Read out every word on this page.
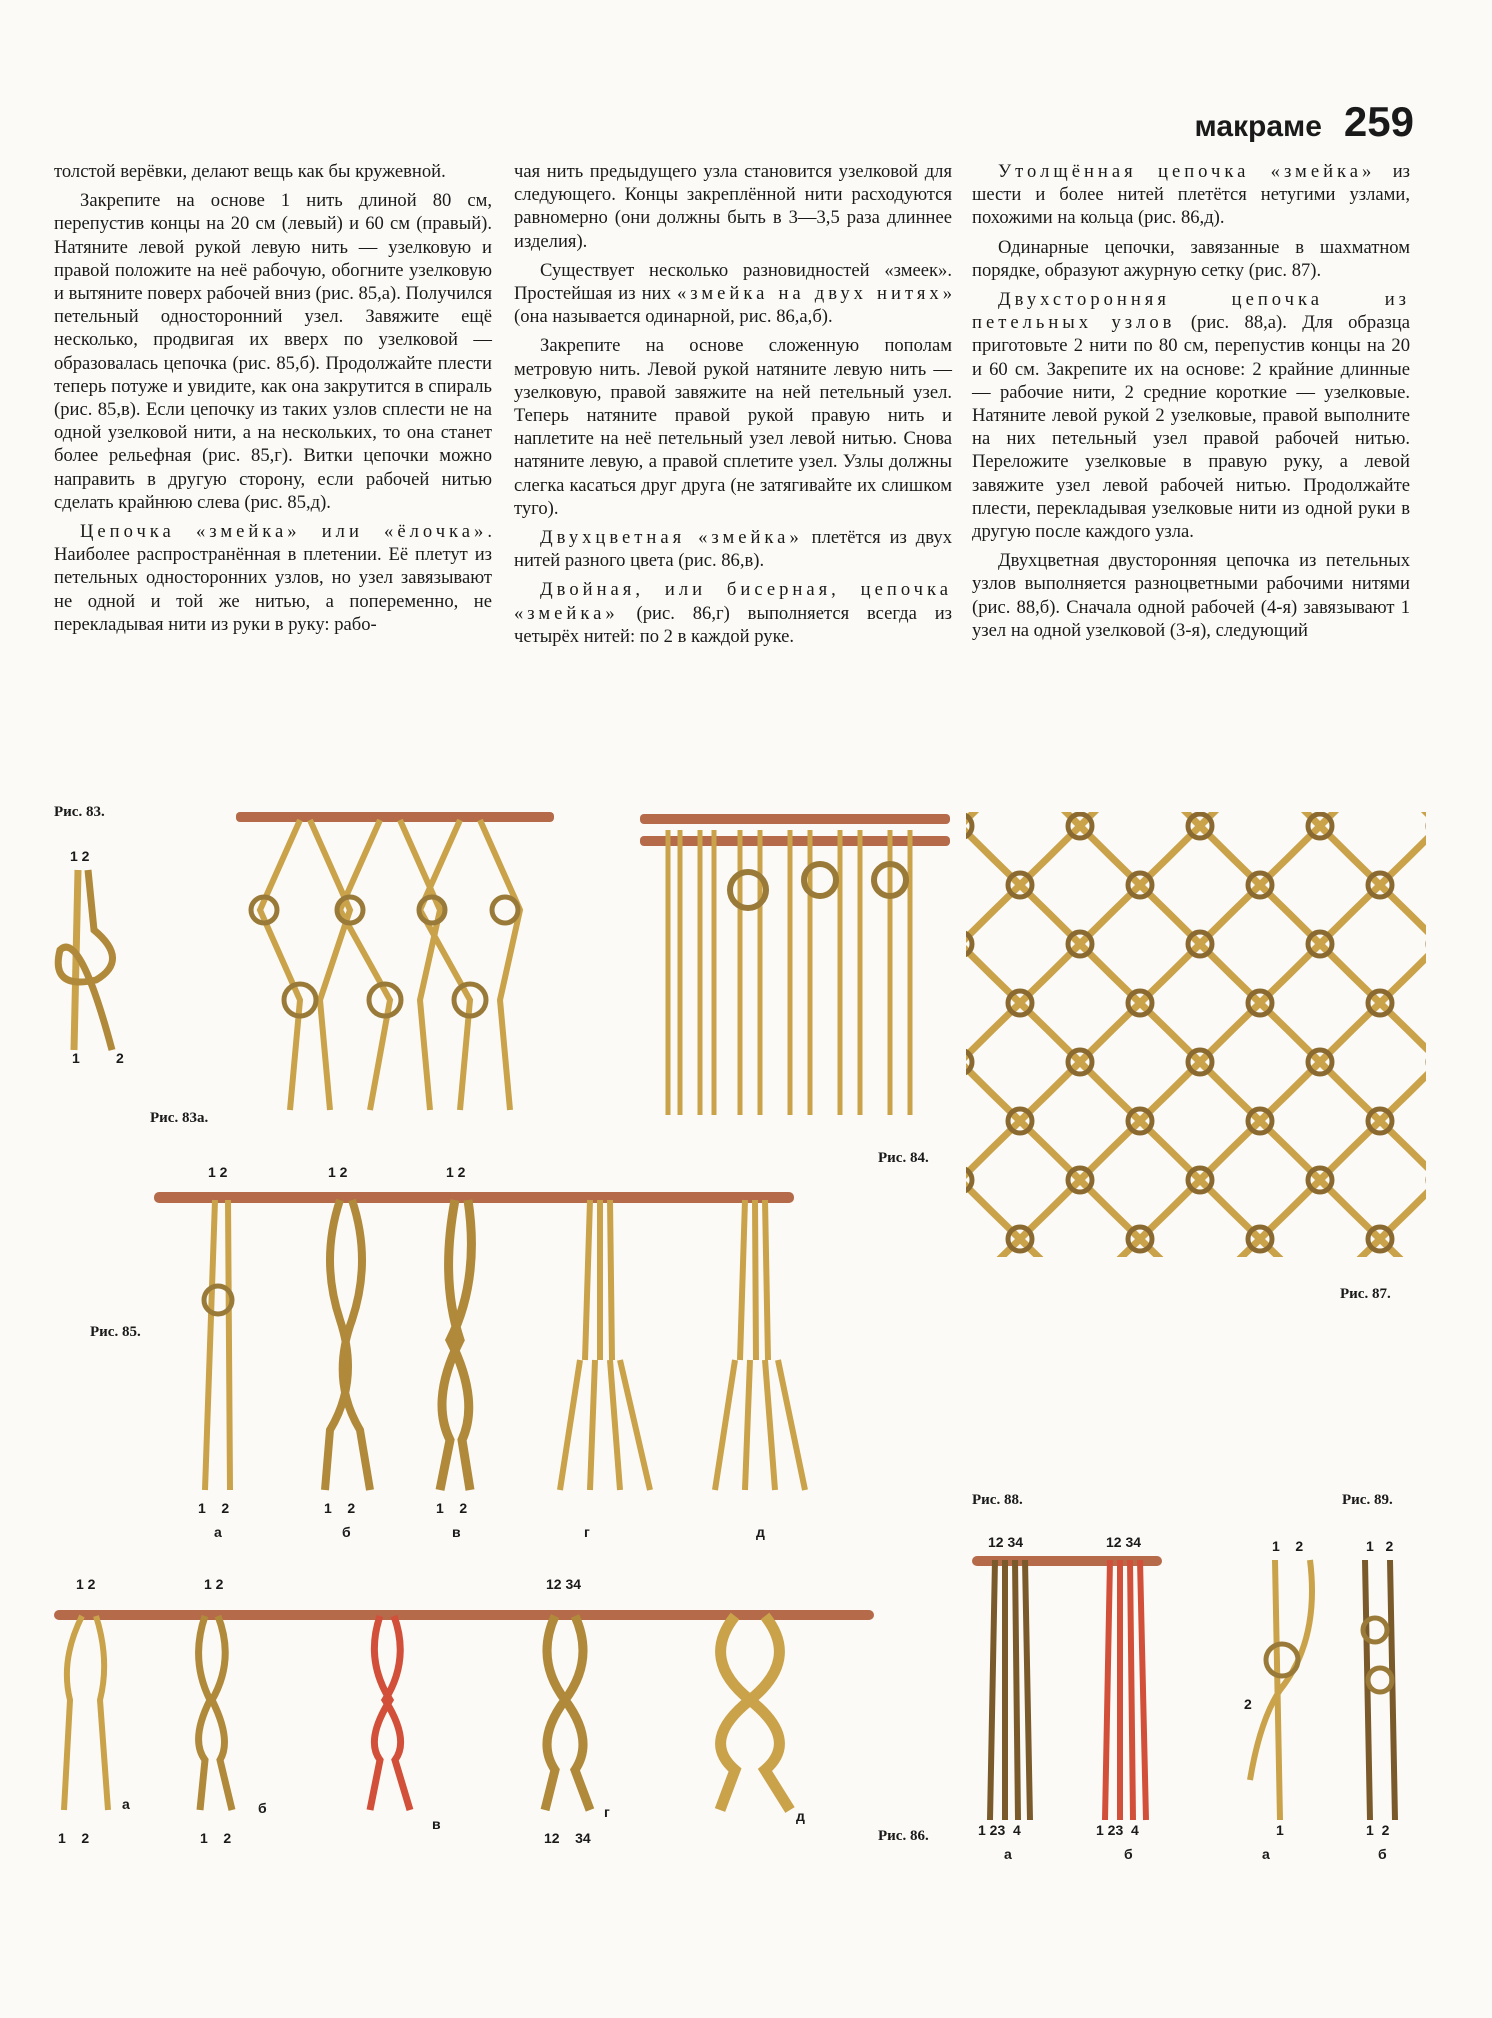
макраме 259

толстой верёвки, делают вещь как бы кружевной.

Закрепите на основе 1 нить длиной 80 см, перепустив концы на 20 см (левый) и 60 см (правый). Натяните левой рукой левую нить — узелковую и правой положите на неё рабочую, обогните узелковую и вытяните поверх рабочей вниз (рис. 85,а). Получился петельный односторонний узел. Завяжите ещё несколько, продвигая их вверх по узелковой — образовалась цепочка (рис. 85,б). Продолжайте плести теперь потуже и увидите, как она закрутится в спираль (рис. 85,в). Если цепочку из таких узлов сплести не на одной узелковой нити, а на нескольких, то она станет более рельефная (рис. 85,г). Витки цепочки можно направить в другую сторону, если рабочей нитью сделать крайнюю слева (рис. 85,д).

Цепочка «змейка» или «ёлочка». Наиболее распространённая в плетении. Её плетут из петельных односторонних узлов, но узел завязывают не одной и той же нитью, а попеременно, не перекладывая нити из руки в руку: рабо-

чая нить предыдущего узла становится узелковой для следующего. Концы закреплённой нити расходуются равномерно (они должны быть в 3—3,5 раза длиннее изделия).

Существует несколько разновидностей «змеек». Простейшая из них «змейка на двух нитях» (она называется одинарной, рис. 86,а,б).

Закрепите на основе сложенную пополам метровую нить. Левой рукой натяните левую нить — узелковую, правой завяжите на ней петельный узел. Теперь натяните правой рукой правую нить и наплетите на неё петельный узел левой нитью. Снова натяните левую, а правой сплетите узел. Узлы должны слегка касаться друг друга (не затягивайте их слишком туго).

Двухцветная «змейка» плетётся из двух нитей разного цвета (рис. 86,в).

Двойная, или бисерная, цепочка «змейка» (рис. 86,г) выполняется всегда из четырёх нитей: по 2 в каждой руке.

Утолщённая цепочка «змейка» из шести и более нитей плетётся нетугими узлами, похожими на кольца (рис. 86,д).

Одинарные цепочки, завязанные в шахматном порядке, образуют ажурную сетку (рис. 87).

Двухсторонняя цепочка из петельных узлов (рис. 88,а). Для образца приготовьте 2 нити по 80 см, перепустив концы на 20 и 60 см. Закрепите их на основе: 2 крайние длинные — рабочие нити, 2 средние короткие — узелковые. Натяните левой рукой 2 узелковые, правой выполните на них петельный узел правой рабочей нитью. Переложите узелковые в правую руку, а левой завяжите узел левой рабочей нитью. Продолжайте плести, перекладывая узелковые нити из одной руки в другую после каждого узла.

Двухцветная двусторонняя цепочка из петельных узлов выполняется разноцветными рабочими нитями (рис. 88,б). Сначала одной рабочей (4-я) завязывают 1 узел на одной узелковой (3-я), следующий

Рис. 83.
Рис. 83а.
Рис. 84.
Рис. 85.
Рис. 86.
Рис. 87.
Рис. 88.	Рис. 89.
1 2
1	2
1 2	1 2	1 2
1    2	1    2	1    2
а	б	в	г	д
1 2	1 2	12 34
1    2	1    2	12    34
а	б
в
г	д
12 34	12 34
1 23  4	1 23  4
а	б
1    2	1   2
2
1	1  2
а	б
